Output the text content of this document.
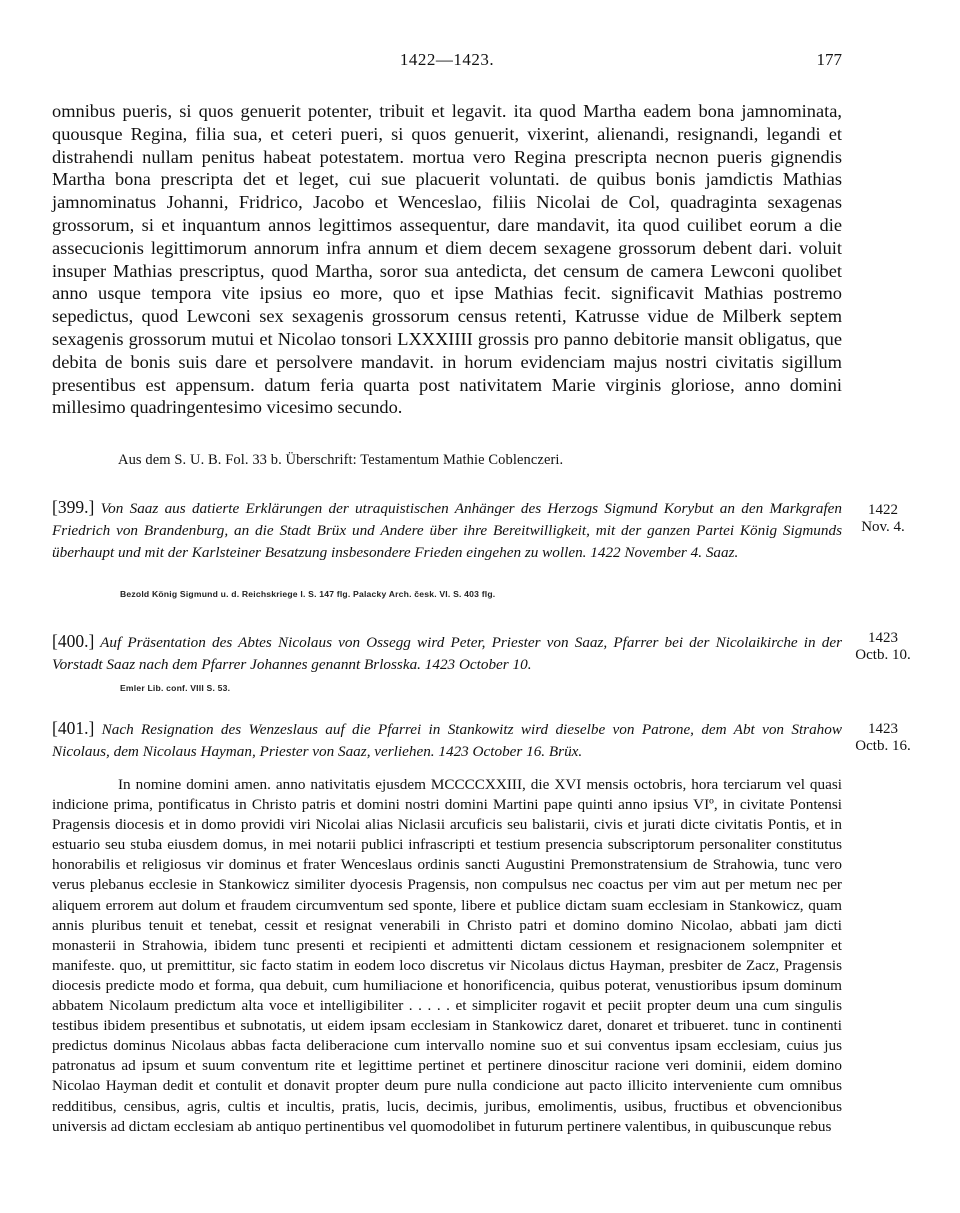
1422—1423.	177

omnibus pueris, si quos genuerit potenter, tribuit et legavit. ita quod Martha eadem bona jamnominata, quousque Regina, filia sua, et ceteri pueri, si quos genuerit, vixerint, alienandi, resignandi, legandi et distrahendi nullam penitus habeat potestatem. mortua vero Regina prescripta necnon pueris gignendis Martha bona prescripta det et leget, cui sue placuerit voluntati. de quibus bonis jamdictis Mathias jamnominatus Johanni, Fridrico, Jacobo et Wenceslao, filiis Nicolai de Col, quadraginta sexagenas grossorum, si et inquantum annos legittimos assequentur, dare mandavit, ita quod cuilibet eorum a die assecucionis legittimorum annorum infra annum et diem decem sexagene grossorum debent dari. voluit insuper Mathias prescriptus, quod Martha, soror sua antedicta, det censum de camera Lewconi quolibet anno usque tempora vite ipsius eo more, quo et ipse Mathias fecit. significavit Mathias postremo sepedictus, quod Lewconi sex sexagenis grossorum census retenti, Katrusse vidue de Milberk septem sexagenis grossorum mutui et Nicolao tonsori LXXXIIII grossis pro panno debitorie mansit obligatus, que debita de bonis suis dare et persolvere mandavit. in horum evidenciam majus nostri civitatis sigillum presentibus est appensum. datum feria quarta post nativitatem Marie virginis gloriose, anno domini millesimo quadringentesimo vicesimo secundo.

Aus dem S. U. B. Fol. 33 b. Überschrift: Testamentum Mathie Coblenczeri.
[399.] Von Saaz aus datierte Erklärungen der utraquistischen Anhänger des Herzogs Sigmund Korybut an den Markgrafen Friedrich von Brandenburg, an die Stadt Brüx und Andere über ihre Bereitwilligkeit, mit der ganzen Partei König Sigmunds überhaupt und mit der Karlsteiner Besatzung insbesondere Frieden eingehen zu wollen. 1422 November 4. Saaz.
1422
Nov. 4.
Bezold König Sigmund u. d. Reichskriege I. S. 147 flg. Palacky Arch. česk. VI. S. 403 flg.
[400.] Auf Präsentation des Abtes Nicolaus von Ossegg wird Peter, Priester von Saaz, Pfarrer bei der Nicolaikirche in der Vorstadt Saaz nach dem Pfarrer Johannes genannt Brlosska. 1423 October 10.
1423
Octb. 10.
Emler Lib. conf. VIII S. 53.
[401.] Nach Resignation des Wenzeslaus auf die Pfarrei in Stankowitz wird dieselbe von Patrone, dem Abt von Strahow Nicolaus, dem Nicolaus Hayman, Priester von Saaz, verliehen. 1423 October 16. Brüx.
1423
Octb. 16.

In nomine domini amen. anno nativitatis ejusdem MCCCCXXIII, die XVI mensis octobris, hora terciarum vel quasi indicione prima, pontificatus in Christo patris et domini nostri domini Martini pape quinti anno ipsius VIº, in civitate Pontensi Pragensis diocesis et in domo providi viri Nicolai alias Niclasii arcuficis seu balistarii, civis et jurati dicte civitatis Pontis, et in estuario seu stuba eiusdem domus, in mei notarii publici infrascripti et testium presencia subscriptorum personaliter constitutus honorabilis et religiosus vir dominus et frater Wenceslaus ordinis sancti Augustini Premonstratensium de Strahowia, tunc vero verus plebanus ecclesie in Stankowicz similiter dyocesis Pragensis, non compulsus nec coactus per vim aut per metum nec per aliquem errorem aut dolum et fraudem circumventum sed sponte, libere et publice dictam suam ecclesiam in Stankowicz, quam annis pluribus tenuit et tenebat, cessit et resignat venerabili in Christo patri et domino domino Nicolao, abbati jam dicti monasterii in Strahowia, ibidem tunc presenti et recipienti et admittenti dictam cessionem et resignacionem solempniter et manifeste. quo, ut premittitur, sic facto statim in eodem loco discretus vir Nicolaus dictus Hayman, presbiter de Zacz, Pragensis diocesis predicte modo et forma, qua debuit, cum humiliacione et honorificencia, quibus poterat, venustioribus ipsum dominum abbatem Nicolaum predictum alta voce et intelligibiliter . . . . . et simpliciter rogavit et peciit propter deum una cum singulis testibus ibidem presentibus et subnotatis, ut eidem ipsam ecclesiam in Stankowicz daret, donaret et tribueret. tunc in continenti predictus dominus Nicolaus abbas facta deliberacione cum intervallo nomine suo et sui conventus ipsam ecclesiam, cuius jus patronatus ad ipsum et suum conventum rite et legittime pertinet et pertinere dinoscitur racione veri dominii, eidem domino Nicolao Hayman dedit et contulit et donavit propter deum pure nulla condicione aut pacto illicito interveniente cum omnibus redditibus, censibus, agris, cultis et incultis, pratis, lucis, decimis, juribus, emolimentis, usibus, fructibus et obvencionibus universis ad dictam ecclesiam ab antiquo pertinentibus vel quomodolibet in futurum pertinere valentibus, in quibuscunque rebus
